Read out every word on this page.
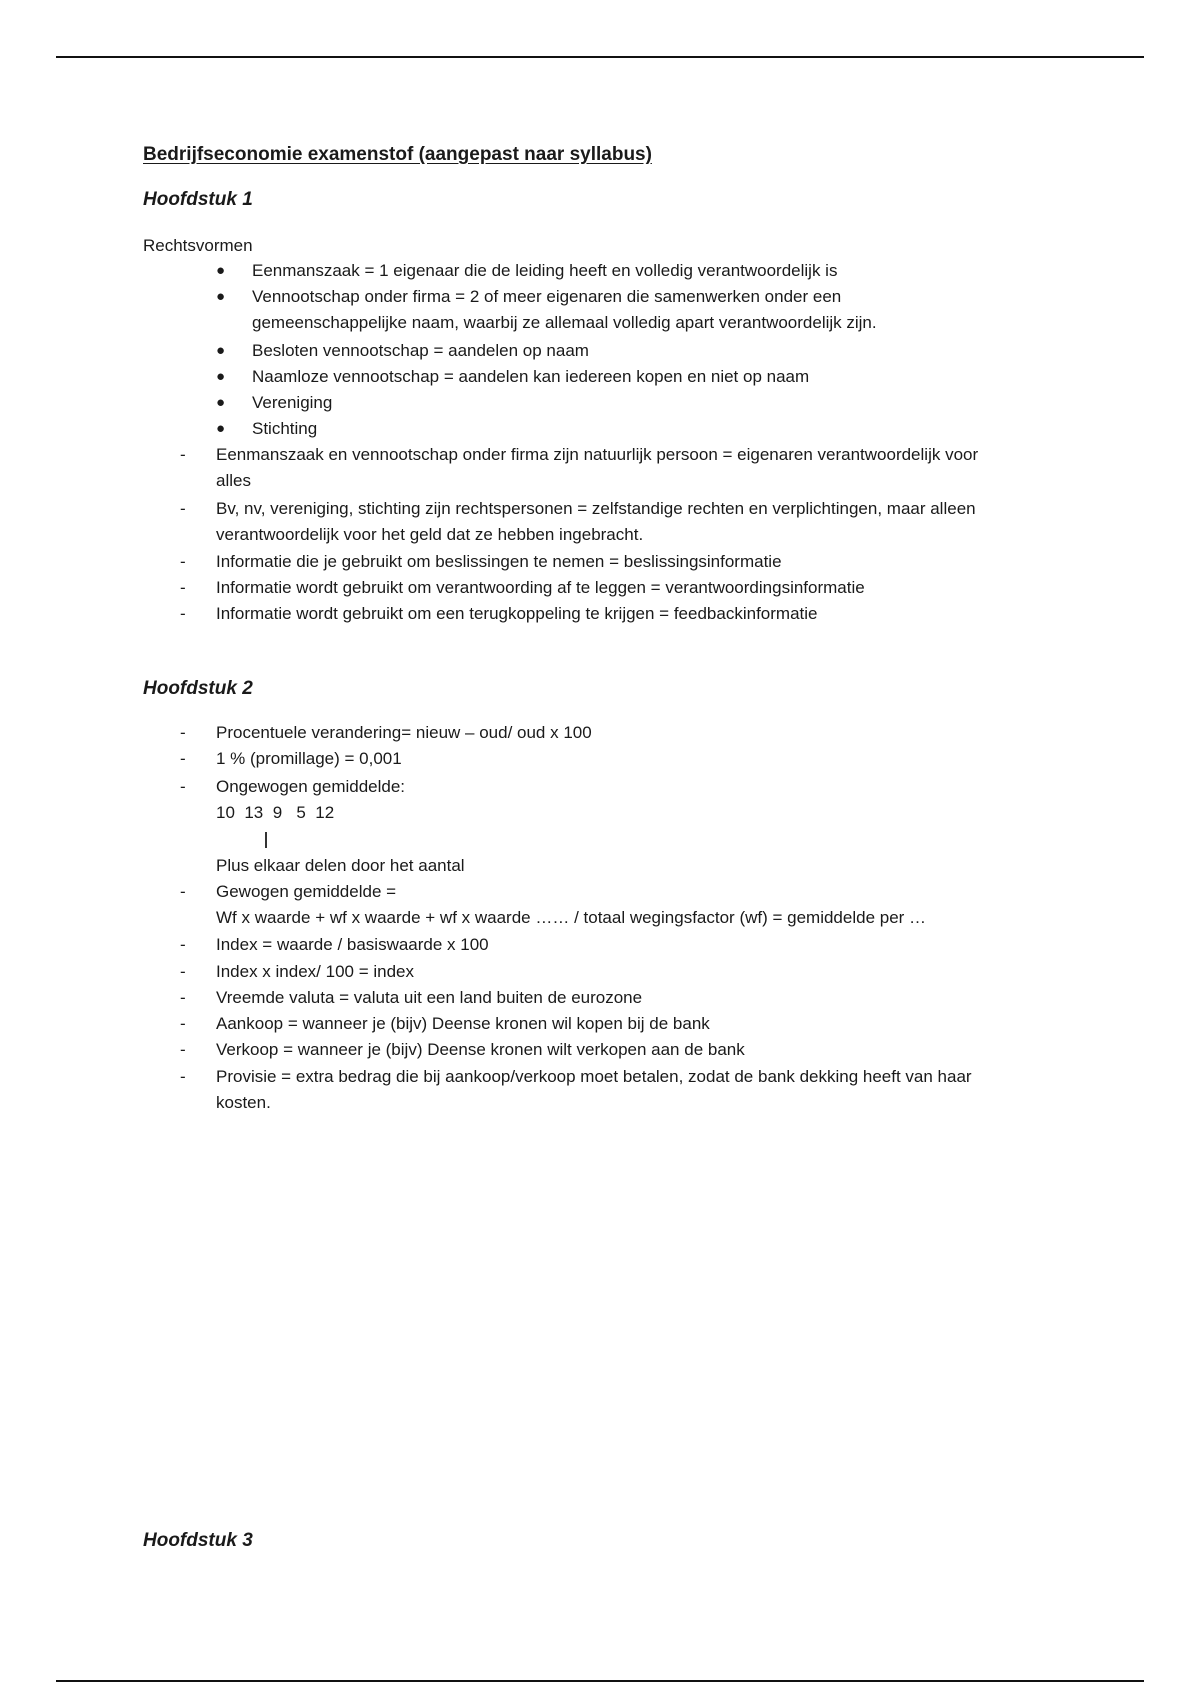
Bedrijfseconomie examenstof (aangepast naar syllabus)
Hoofdstuk 1
Rechtsvormen
● Eenmanszaak = 1 eigenaar die de leiding heeft en volledig verantwoordelijk is
● Vennootschap onder firma = 2 of meer eigenaren die samenwerken onder een
gemeenschappelijke naam, waarbij ze allemaal volledig apart verantwoordelijk zijn.
● Besloten vennootschap = aandelen op naam
● Naamloze vennootschap = aandelen kan iedereen kopen en niet op naam
● Vereniging
● Stichting
-	Eenmanszaak en vennootschap onder firma zijn natuurlijk persoon = eigenaren verantwoordelijk voor
alles
-	Bv, nv, vereniging, stichting zijn rechtspersonen = zelfstandige rechten en verplichtingen, maar alleen
verantwoordelijk voor het geld dat ze hebben ingebracht.
-	Informatie die je gebruikt om beslissingen te nemen = beslissingsinformatie
-	Informatie wordt gebruikt om verantwoording af te leggen = verantwoordingsinformatie
-	Informatie wordt gebruikt om een terugkoppeling te krijgen = feedbackinformatie
Hoofdstuk 2
-	Procentuele verandering= nieuw – oud/ oud x 100
-	1 % (promillage) = 0,001
-	Ongewogen gemiddelde:
10  13  9   5  12
Plus elkaar delen door het aantal
-	Gewogen gemiddelde =
Wf x waarde + wf x waarde + wf x waarde …… / totaal wegingsfactor (wf) = gemiddelde per …
-	Index = waarde / basiswaarde x 100
-	Index x index/ 100 = index
-	Vreemde valuta = valuta uit een land buiten de eurozone
-	Aankoop = wanneer je (bijv) Deense kronen wil kopen bij de bank
-	Verkoop = wanneer je (bijv) Deense kronen wilt verkopen aan de bank
-	Provisie = extra bedrag die bij aankoop/verkoop moet betalen, zodat de bank dekking heeft van haar
kosten.
Hoofdstuk 3
